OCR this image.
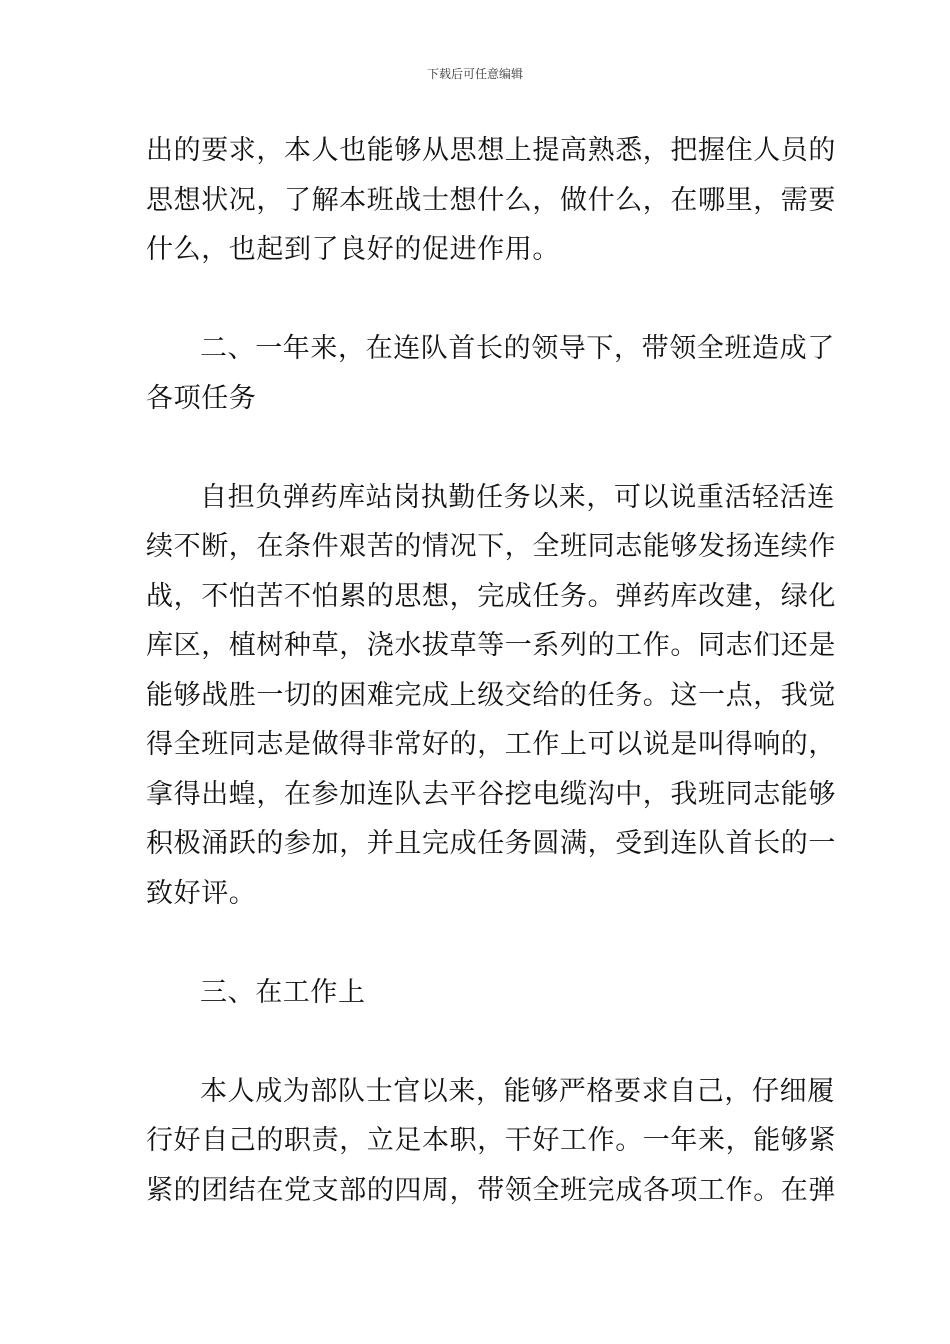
下载后可任意编辑

出的要求，本人也能够从思想上提高熟悉，把握住人员的
思想状况，了解本班战士想什么，做什么，在哪里，需要
什么，也起到了良好的促进作用。

二、一年来，在连队首长的领导下，带领全班造成了
各项任务

自担负弹药库站岗执勤任务以来，可以说重活轻活连
续不断，在条件艰苦的情况下，全班同志能够发扬连续作
战，不怕苦不怕累的思想，完成任务。弹药库改建，绿化
库区，植树种草，浇水拔草等一系列的工作。同志们还是
能够战胜一切的困难完成上级交给的任务。这一点，我觉
得全班同志是做得非常好的，工作上可以说是叫得响的，
拿得出蝗，在参加连队去平谷挖电缆沟中，我班同志能够
积极涌跃的参加，并且完成任务圆满，受到连队首长的一
致好评。

三、在工作上

本人成为部队士官以来，能够严格要求自己，仔细履
行好自己的职责，立足本职，干好工作。一年来，能够紧
紧的团结在党支部的四周，带领全班完成各项工作。在弹
